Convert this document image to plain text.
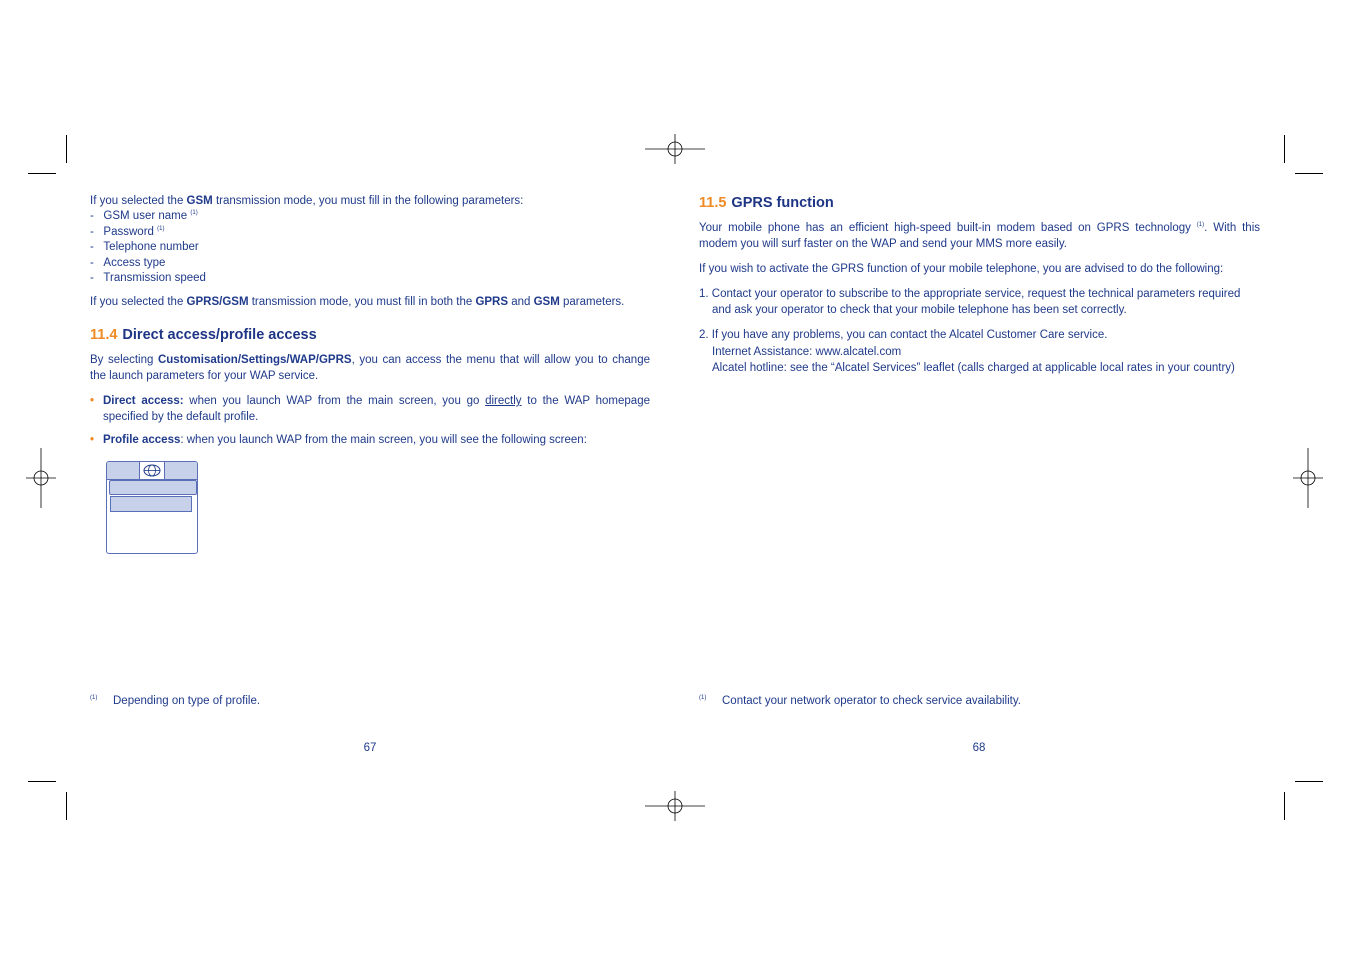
If you selected the GSM transmission mode, you must fill in the following parameters:

-   GSM user name $^{(1)}$

-   Password $^{(1)}$

-   Telephone number

-   Access type

-   Transmission speed

If you selected the GPRS/GSM transmission mode, you must fill in both the GPRS and GSM parameters.

11.4 Direct access/profile access

By selecting Customisation/Settings/WAP/GPRS, you can access the menu that will allow you to change the launch parameters for your WAP service.

• Direct access: when you launch WAP from the main screen, you go directly to the WAP homepage specified by the default profile.

• Profile access: when you launch WAP from the main screen, you will see the following screen:

(1) Depending on type of profile.
67

11.5 GPRS function

Your mobile phone has an efficient high-speed built-in modem based on GPRS technology $^{(1)}$. With this modem you will surf faster on the WAP and send your MMS more easily.

If you wish to activate the GPRS function of your mobile telephone, you are advised to do the following:

1. Contact your operator to subscribe to the appropriate service, request the technical parameters required and ask your operator to check that your mobile telephone has been set correctly.

2. If you have any problems, you can contact the Alcatel Customer Care service.

Internet Assistance: www.alcatel.com

Alcatel hotline: see the “Alcatel Services” leaflet (calls charged at applicable local rates in your country)

(1) Contact your network operator to check service availability.
68
